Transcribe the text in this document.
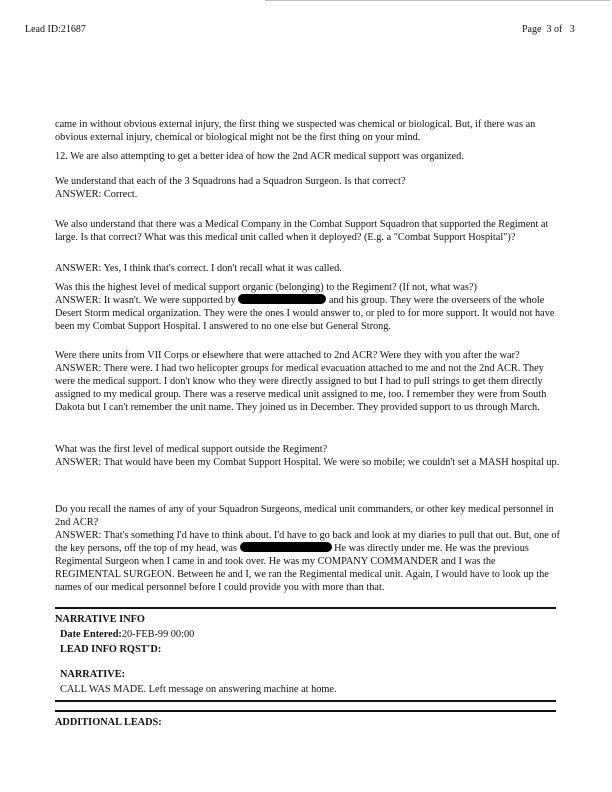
Lead ID:21687	Page  3 of   3

came in without obvious external injury, the first thing we suspected was chemical or biological. But, if there was an obvious external injury, chemical or biological might not be the first thing on your mind.

12. We are also attempting to get a better idea of how the 2nd ACR medical support was organized.

We understand that each of the 3 Squadrons had a Squadron Surgeon. Is that correct?

ANSWER: Correct.

We also understand that there was a Medical Company in the Combat Support Squadron that supported the Regiment at large. Is that correct? What was this medical unit called when it deployed? (E.g. a "Combat Support Hospital")?

ANSWER: Yes, I think that's correct. I don't recall what it was called.

Was this the highest level of medical support organic (belonging) to the Regiment? (If not, what was?)

ANSWER: It wasn't. We were supported by	and his group. They were the overseers of the whole Desert Storm medical organization. They were the ones I would answer to, or pled to for more support. It would not have been my Combat Support Hospital. I answered to no one else but General Strong.

Were there units from VII Corps or elsewhere that were attached to 2nd ACR? Were they with you after the war?

ANSWER: There were. I had two helicopter groups for medical evacuation attached to me and not the 2nd ACR. They were the medical support. I don't know who they were directly assigned to but I had to pull strings to get them directly assigned to my medical group. There was a reserve medical unit assigned to me, too. I remember they were from South Dakota but I can't remember the unit name. They joined us in December. They provided support to us through March.

What was the first level of medical support outside the Regiment?

ANSWER: That would have been my Combat Support Hospital. We were so mobile; we couldn't set a MASH hospital up.

Do you recall the names of any of your Squadron Surgeons, medical unit commanders, or other key medical personnel in 2nd ACR?

ANSWER: That's something I'd have to think about. I'd have to go back and look at my diaries to pull that out. But, one of the key persons, off the top of my head, was	He was directly under me. He was the previous Regimental Surgeon when I came in and took over. He was my COMPANY COMMANDER and I was the REGIMENTAL SURGEON. Between he and I, we ran the Regimental medical unit. Again, I would have to look up the names of our medical personnel before I could provide you with more than that.

NARRATIVE INFO
Date Entered:20-FEB-99 00:00
LEAD INFO RQST'D:
NARRATIVE:
CALL WAS MADE. Left message on answering machine at home.
ADDITIONAL LEADS:
